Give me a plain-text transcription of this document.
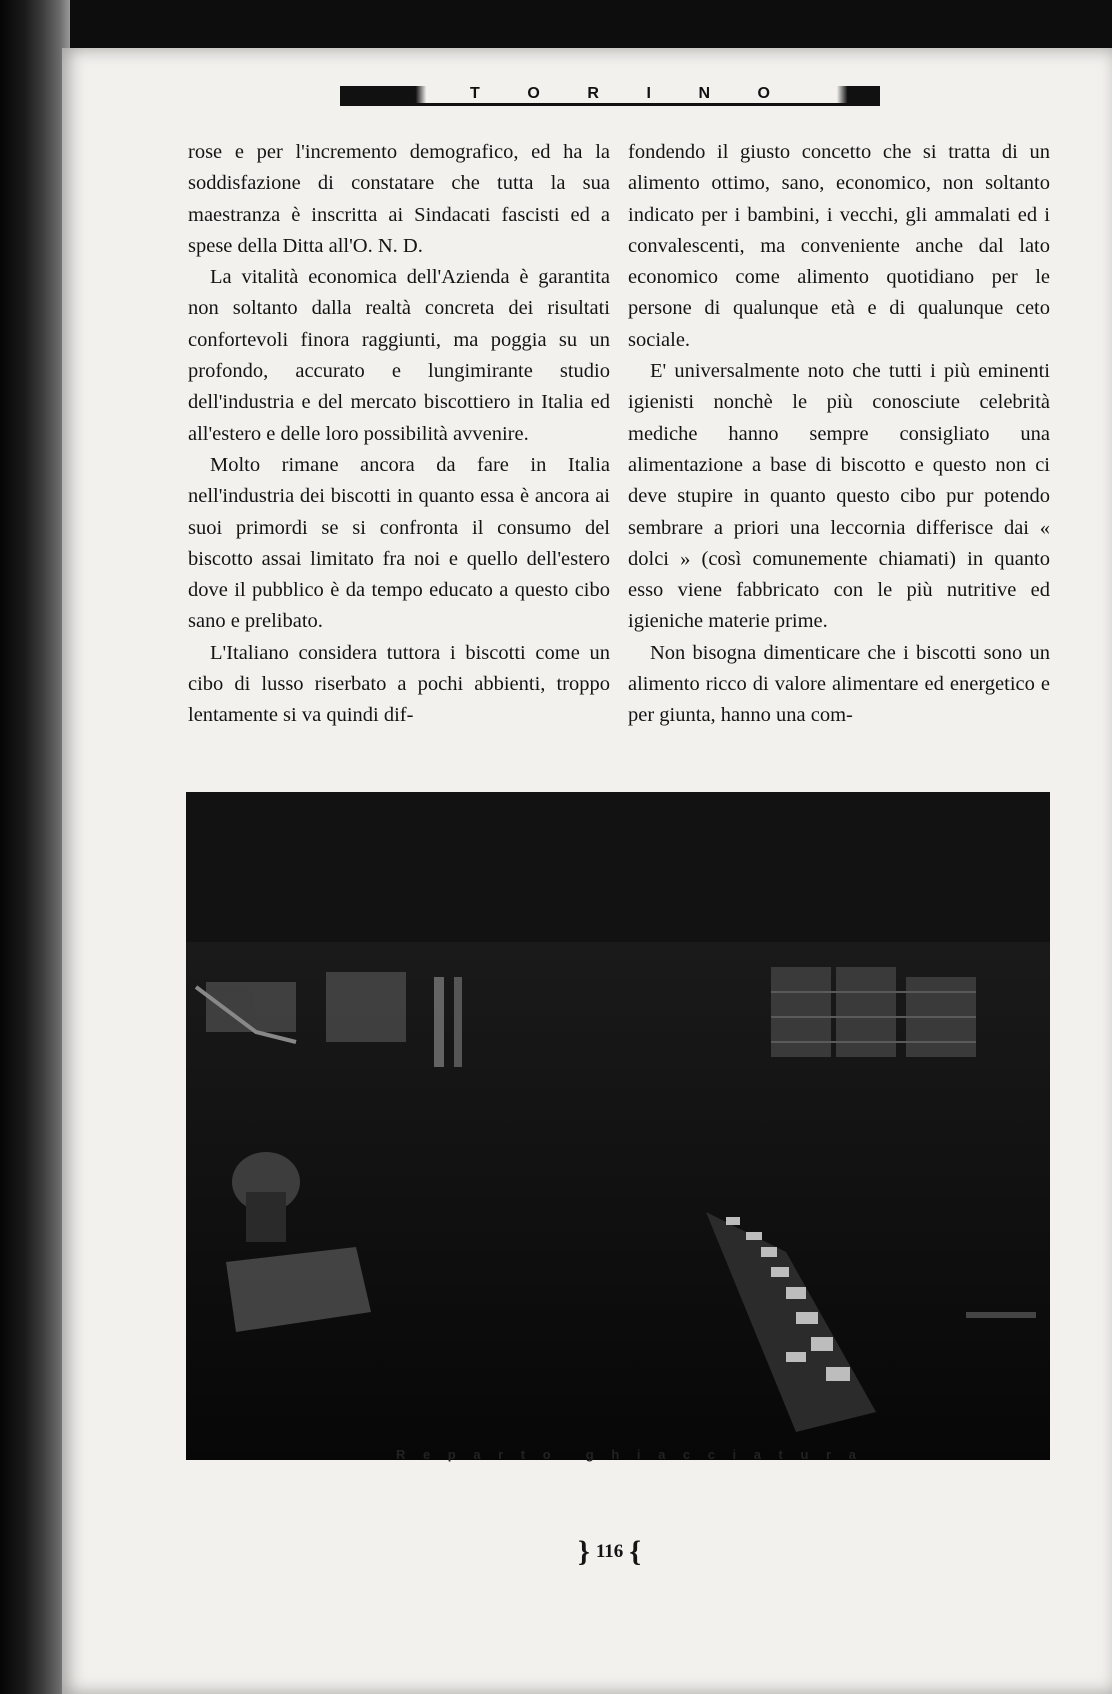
T	O	R	I	N	O

rose e per l'incremento demografico, ed ha la soddisfazione di constatare che tutta la sua maestranza è inscritta ai Sindacati fascisti ed a spese della Ditta all'O. N. D.

La vitalità economica dell'Azienda è garantita non soltanto dalla realtà concreta dei risultati confortevoli finora raggiunti, ma poggia su un profondo, accurato e lungimirante studio dell'industria e del mercato biscottiero in Italia ed all'estero e delle loro possibilità avvenire.

Molto rimane ancora da fare in Italia nell'industria dei biscotti in quanto essa è ancora ai suoi primordi se si confronta il consumo del biscotto assai limitato fra noi e quello dell'estero dove il pubblico è da tempo educato a questo cibo sano e prelibato.

L'Italiano considera tuttora i biscotti come un cibo di lusso riserbato a pochi abbienti, troppo lentamente si va quindi dif-

fondendo il giusto concetto che si tratta di un alimento ottimo, sano, economico, non soltanto indicato per i bambini, i vecchi, gli ammalati ed i convalescenti, ma conveniente anche dal lato economico come alimento quotidiano per le persone di qualunque età e di qualunque ceto sociale.

E' universalmente noto che tutti i più eminenti igienisti nonchè le più conosciute celebrità mediche hanno sempre consigliato una alimentazione a base di biscotto e questo non ci deve stupire in quanto questo cibo pur potendo sembrare a priori una leccornia differisce dai « dolci » (così comunemente chiamati) in quanto esso viene fabbricato con le più nutritive ed igieniche materie prime.

Non bisogna dimenticare che i biscotti sono un alimento ricco di valore alimentare ed energetico e per giunta, hanno una com-

R e p a r t o	g h i a c c i a t u r a
} 116 {
